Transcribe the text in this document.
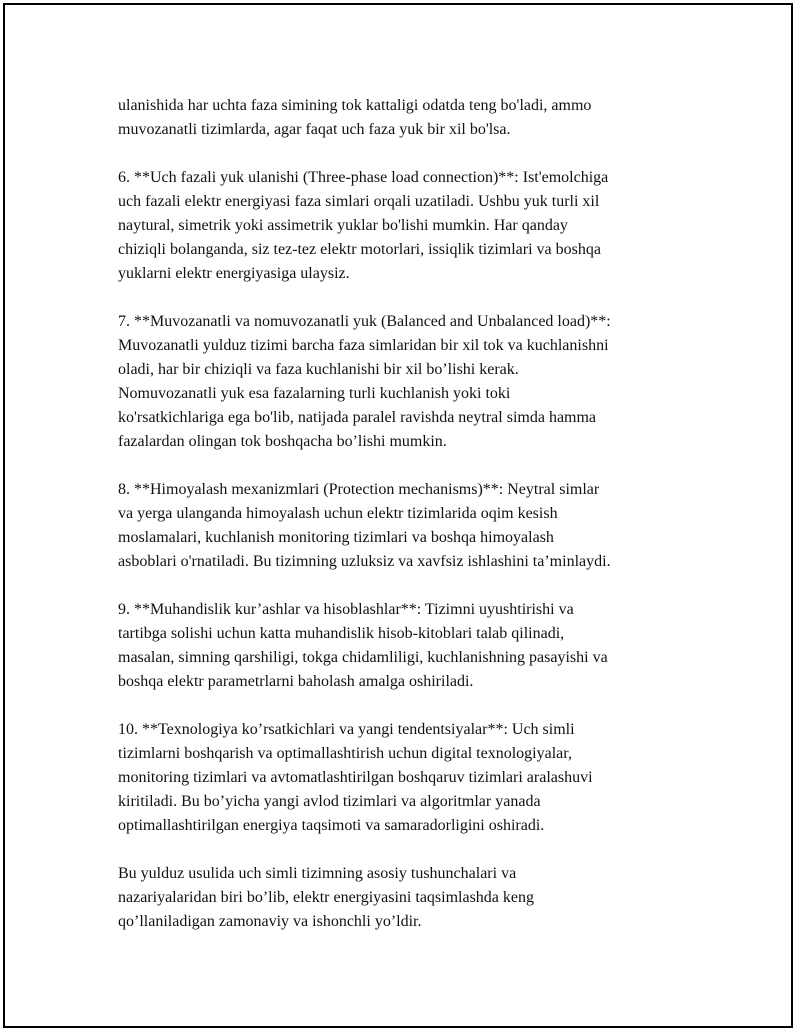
ulanishida har uchta faza simining tok kattaligi odatda teng bo'ladi, ammo
muvozanatli tizimlarda, agar faqat uch faza yuk bir xil bo'lsa.

6. **Uch fazali yuk ulanishi (Three-phase load connection)**: Ist'emolchiga
uch fazali elektr energiyasi faza simlari orqali uzatiladi. Ushbu yuk turli xil
naytural, simetrik yoki assimetrik yuklar bo'lishi mumkin. Har qanday
chiziqli bolanganda, siz tez-tez elektr motorlari, issiqlik tizimlari va boshqa
yuklarni elektr energiyasiga ulaysiz.

7. **Muvozanatli va nomuvozanatli yuk (Balanced and Unbalanced load)**:
Muvozanatli yulduz tizimi barcha faza simlaridan bir xil tok va kuchlanishni
oladi, har bir chiziqli va faza kuchlanishi bir xil bo’lishi kerak.
Nomuvozanatli yuk esa fazalarning turli kuchlanish yoki toki
ko'rsatkichlariga ega bo'lib, natijada paralel ravishda neytral simda hamma
fazalardan olingan tok boshqacha bo’lishi mumkin.

8. **Himoyalash mexanizmlari (Protection mechanisms)**: Neytral simlar
va yerga ulanganda himoyalash uchun elektr tizimlarida oqim kesish
moslamalari, kuchlanish monitoring tizimlari va boshqa himoyalash
asboblari o'rnatiladi. Bu tizimning uzluksiz va xavfsiz ishlashini ta’minlaydi.

9. **Muhandislik kur’ashlar va hisoblashlar**: Tizimni uyushtirishi va
tartibga solishi uchun katta muhandislik hisob-kitoblari talab qilinadi,
masalan, simning qarshiligi, tokga chidamliligi, kuchlanishning pasayishi va
boshqa elektr parametrlarni baholash amalga oshiriladi.

10. **Texnologiya ko’rsatkichlari va yangi tendentsiyalar**: Uch simli
tizimlarni boshqarish va optimallashtirish uchun digital texnologiyalar,
monitoring tizimlari va avtomatlashtirilgan boshqaruv tizimlari aralashuvi
kiritiladi. Bu bo’yicha yangi avlod tizimlari va algoritmlar yanada
optimallashtirilgan energiya taqsimoti va samaradorligini oshiradi.

Bu yulduz usulida uch simli tizimning asosiy tushunchalari va
nazariyalaridan biri bo’lib, elektr energiyasini taqsimlashda keng
qo’llaniladigan zamonaviy va ishonchli yo’ldir.
